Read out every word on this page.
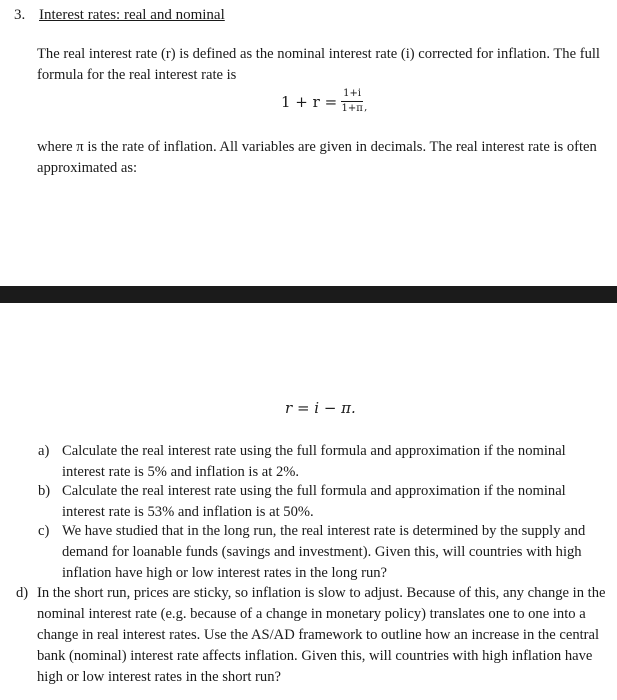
3. Interest rates: real and nominal
The real interest rate (r) is defined as the nominal interest rate (i) corrected for inflation. The full formula for the real interest rate is
$1 + r = \frac{1+i}{1+\pi}$ ,
where π is the rate of inflation. All variables are given in decimals. The real interest rate is often approximated as:
r = i − π.
a) Calculate the real interest rate using the full formula and approximation if the nominal interest rate is 5% and inflation is at 2%.
b) Calculate the real interest rate using the full formula and approximation if the nominal interest rate is 53% and inflation is at 50%.
c) We have studied that in the long run, the real interest rate is determined by the supply and demand for loanable funds (savings and investment). Given this, will countries with high inflation have high or low interest rates in the long run?
d) In the short run, prices are sticky, so inflation is slow to adjust. Because of this, any change in the nominal interest rate (e.g. because of a change in monetary policy) translates one to one into a change in real interest rates. Use the AS/AD framework to outline how an increase in the central bank (nominal) interest rate affects inflation. Given this, will countries with high inflation have high or low interest rates in the short run?
